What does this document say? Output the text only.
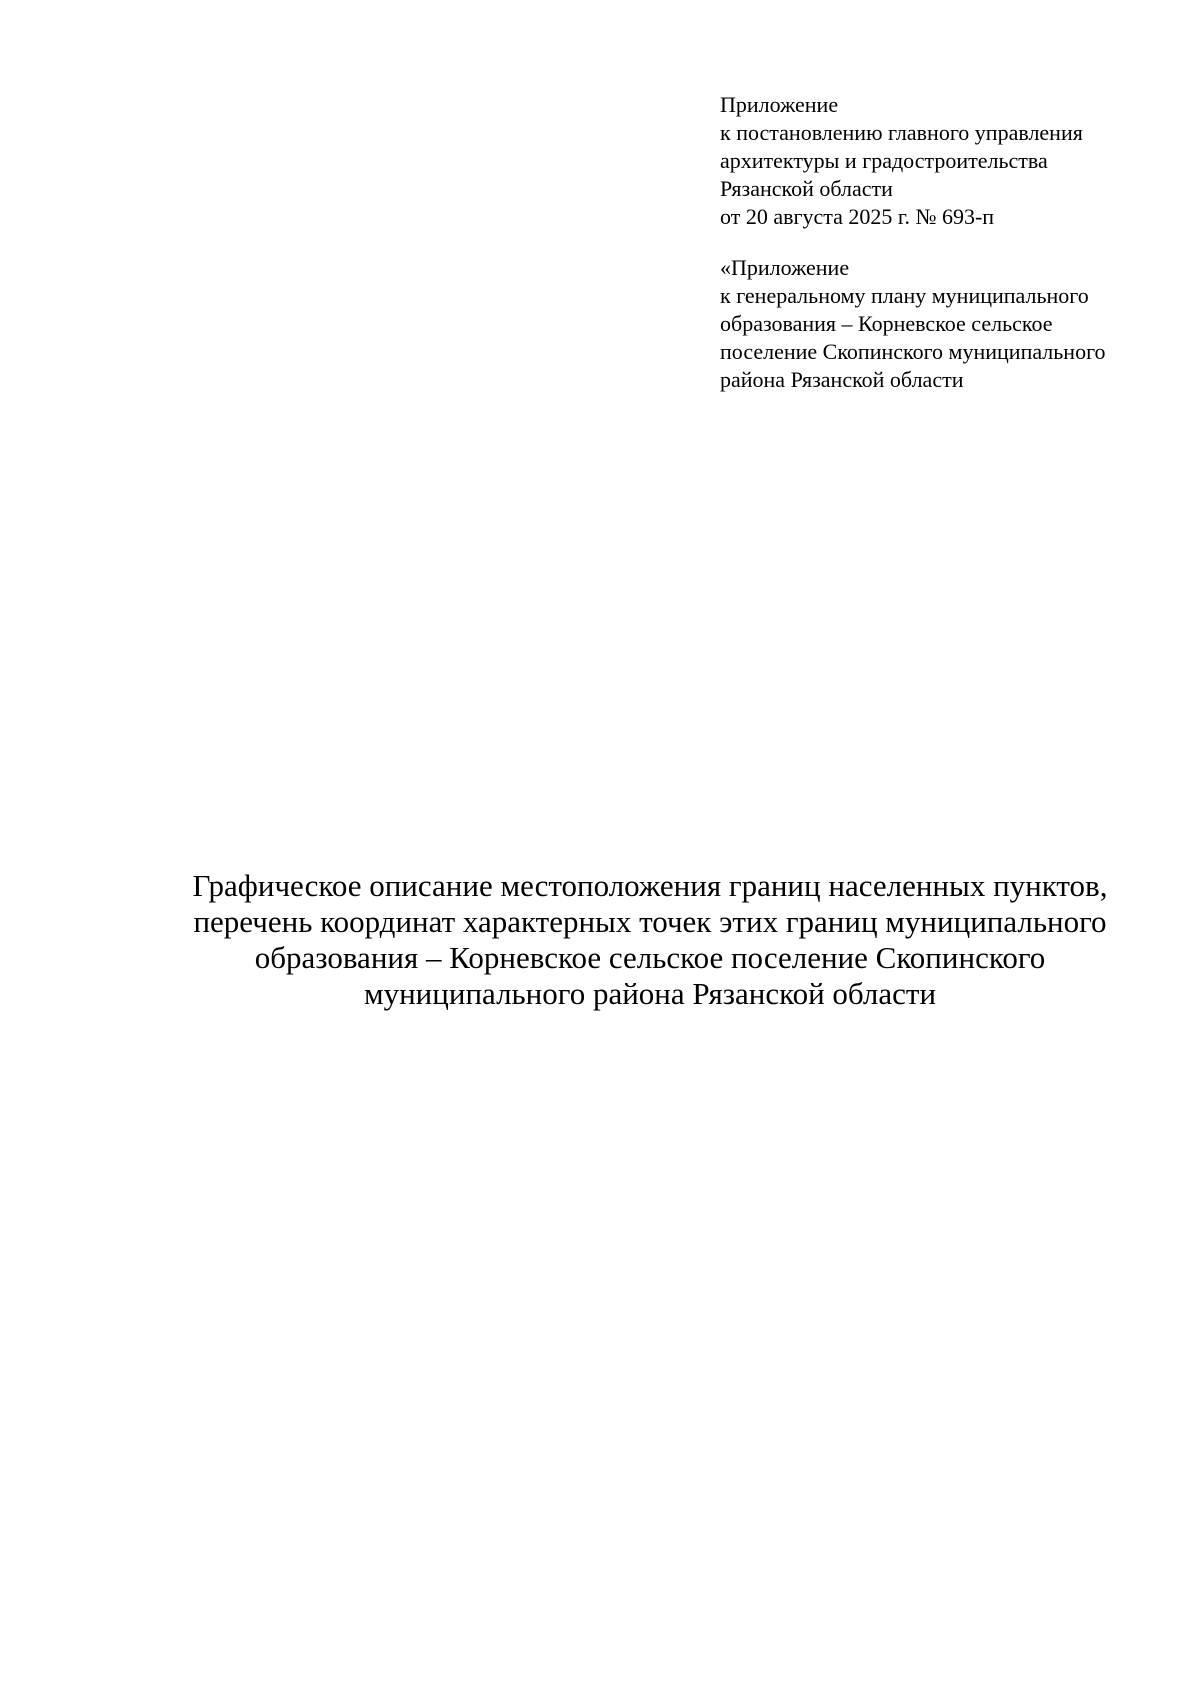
Приложение
к постановлению главного управления
архитектуры и градостроительства
Рязанской области
от 20 августа 2025 г. № 693-п
«Приложение
к генеральному плану муниципального
образования – Корневское сельское
поселение Скопинского муниципального
района Рязанской области
Графическое описание местоположения границ населенных пунктов,
перечень координат характерных точек этих границ муниципального
образования – Корневское сельское поселение Скопинского
муниципального района Рязанской области
